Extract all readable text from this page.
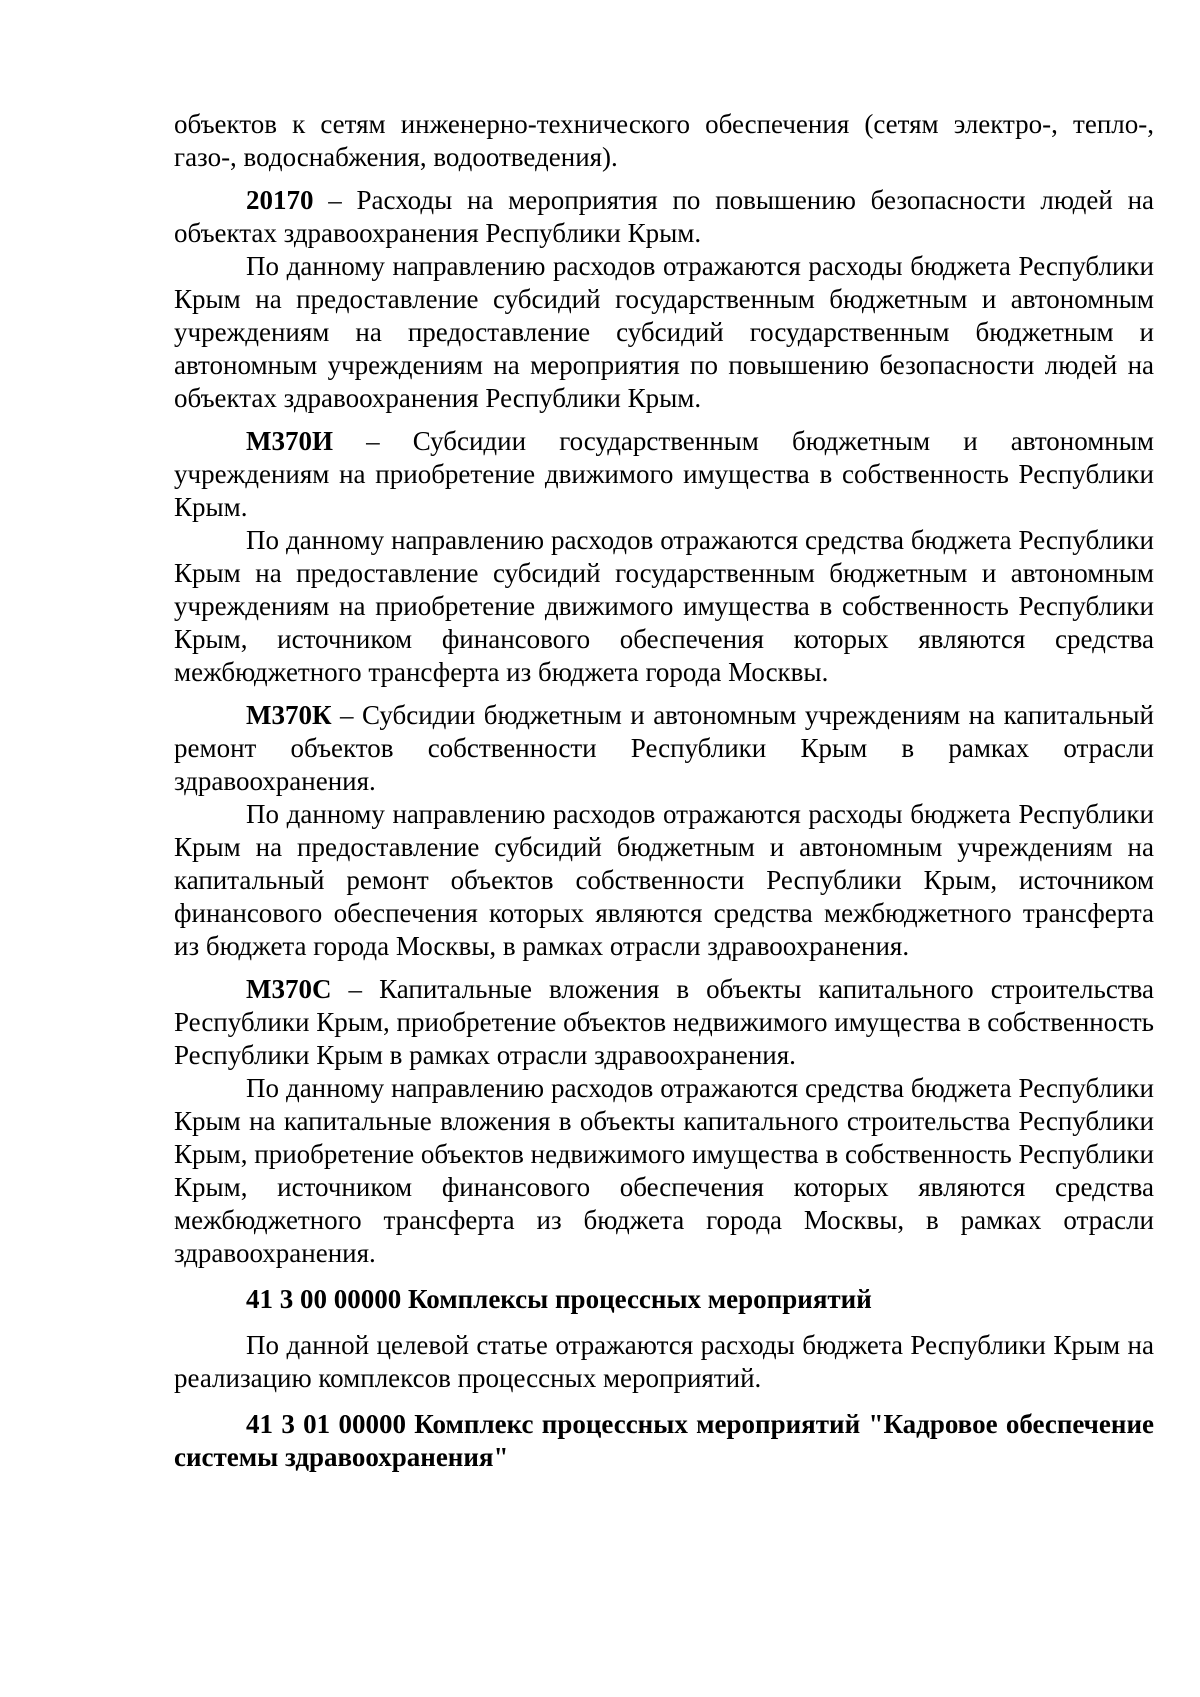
объектов к сетям инженерно-технического обеспечения (сетям электро-, тепло-, газо-, водоснабжения, водоотведения).

20170 – Расходы на мероприятия по повышению безопасности людей на объектах здравоохранения Республики Крым.

По данному направлению расходов отражаются расходы бюджета Республики Крым на предоставление субсидий государственным бюджетным и автономным учреждениям на предоставление субсидий государственным бюджетным и автономным учреждениям на мероприятия по повышению безопасности людей на объектах здравоохранения Республики Крым.

М370И – Субсидии государственным бюджетным и автономным учреждениям на приобретение движимого имущества в собственность Республики Крым.

По данному направлению расходов отражаются средства бюджета Республики Крым на предоставление субсидий государственным бюджетным и автономным учреждениям на приобретение движимого имущества в собственность Республики Крым, источником финансового обеспечения которых являются средства межбюджетного трансферта из бюджета города Москвы.

М370К – Субсидии бюджетным и автономным учреждениям на капитальный ремонт объектов собственности Республики Крым в рамках отрасли здравоохранения.

По данному направлению расходов отражаются расходы бюджета Республики Крым на предоставление субсидий бюджетным и автономным учреждениям на капитальный ремонт объектов собственности Республики Крым, источником финансового обеспечения которых являются средства межбюджетного трансферта из бюджета города Москвы, в рамках отрасли здравоохранения.

М370С – Капитальные вложения в объекты капитального строительства Республики Крым, приобретение объектов недвижимого имущества в собственность Республики Крым в рамках отрасли здравоохранения.

По данному направлению расходов отражаются средства бюджета Республики Крым на капитальные вложения в объекты капитального строительства Республики Крым, приобретение объектов недвижимого имущества в собственность Республики Крым, источником финансового обеспечения которых являются средства межбюджетного трансферта из бюджета города Москвы, в рамках отрасли здравоохранения.

41 3 00 00000 Комплексы процессных мероприятий

По данной целевой статье отражаются расходы бюджета Республики Крым на реализацию комплексов процессных мероприятий.

41 3 01 00000 Комплекс процессных мероприятий "Кадровое обеспечение системы здравоохранения"
